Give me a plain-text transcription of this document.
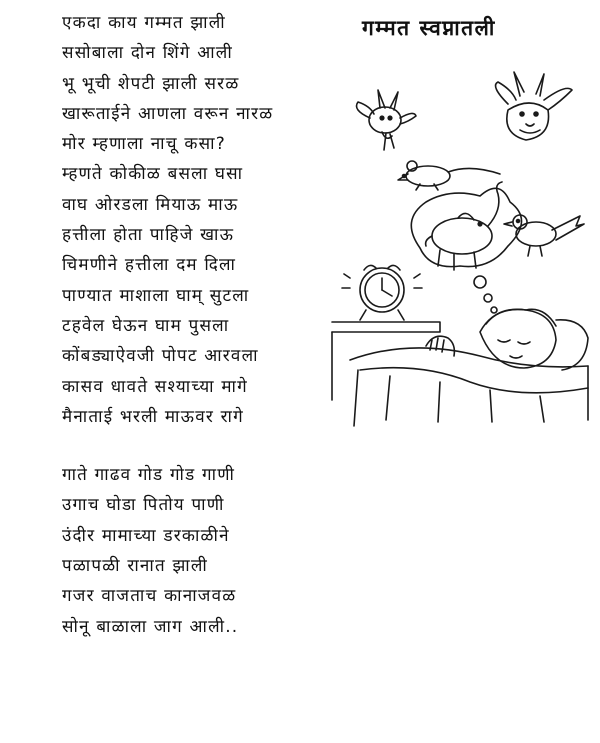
एकदा काय गम्मत झाली
ससोबाला दोन शिंगे आली
भू भूची शेपटी झाली सरळ
खारूताईने आणला वरून नारळ
मोर म्हणाला नाचू कसा?
म्हणते कोकीळ बसला घसा
वाघ ओरडला मियाऊ माऊ
हत्तीला होता पाहिजे खाऊ
चिमणीने हत्तीला दम दिला
पाण्यात माशाला घाम् सुटला
टहवेल घेऊन घाम पुसला
कोंबड्याऐवजी पोपट आरवला
कासव धावते सश्याच्या मागे
मैनाताई भरली माऊवर रागे
गाते गाढव गोड गोड गाणी
उगाच घोडा पितोय पाणी
उंदीर मामाच्या डरकाळीने
पळापळी रानात झाली
गजर वाजताच कानाजवळ
सोनू बाळाला जाग आली..
गम्मत स्वप्नातली
